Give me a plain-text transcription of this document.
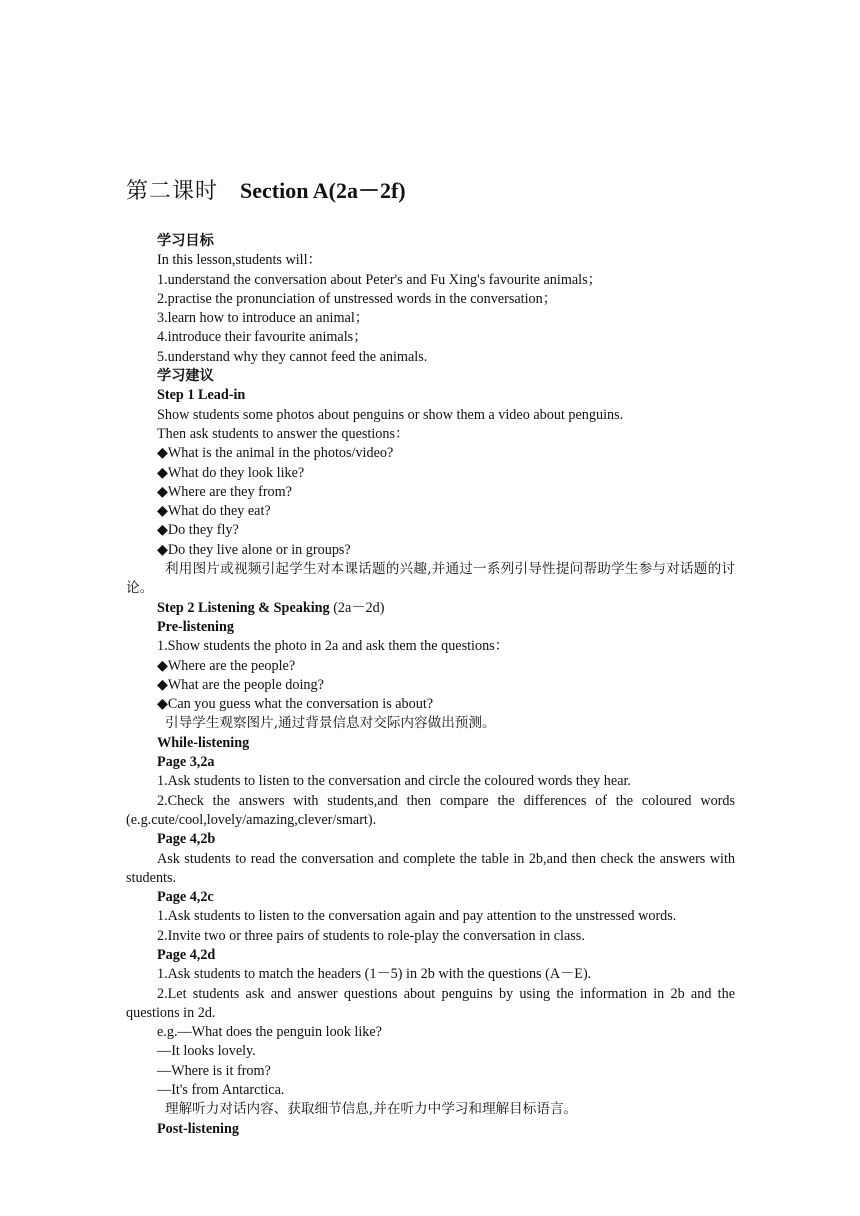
第二课时 Section A(2a－2f)

学习目标

In this lesson,students will：

1.understand the conversation about Peter's and Fu Xing's favourite animals；

2.practise the pronunciation of unstressed words in the conversation；

3.learn how to introduce an animal；

4.introduce their favourite animals；

5.understand why they cannot feed the animals.

学习建议

Step 1 Lead-in

Show students some photos about penguins or show them a video about penguins.

Then ask students to answer the questions：

◆What is the animal in the photos/video?

◆What do they look like?

◆Where are they from?

◆What do they eat?

◆Do they fly?

◆Do they live alone or in groups?

利用图片或视频引起学生对本课话题的兴趣,并通过一系列引导性提问帮助学生参与对话题的讨论。

Step 2 Listening & Speaking (2a－2d)

Pre-listening

1.Show students the photo in 2a and ask them the questions：

◆Where are the people?

◆What are the people doing?

◆Can you guess what the conversation is about?

引导学生观察图片,通过背景信息对交际内容做出预测。

While-listening

Page 3,2a

1.Ask students to listen to the conversation and circle the coloured words they hear.

2.Check the answers with students,and then compare the differences of the coloured words (e.g.cute/cool,lovely/amazing,clever/smart).

Page 4,2b

Ask students to read the conversation and complete the table in 2b,and then check the answers with students.

Page 4,2c

1.Ask students to listen to the conversation again and pay attention to the unstressed words.

2.Invite two or three pairs of students to role-play the conversation in class.

Page 4,2d

1.Ask students to match the headers (1－5) in 2b with the questions (A－E).

2.Let students ask and answer questions about penguins by using the information in 2b and the questions in 2d.

e.g.—What does the penguin look like?

—It looks lovely.

—Where is it from?

—It's from Antarctica.

理解听力对话内容、获取细节信息,并在听力中学习和理解目标语言。

Post-listening
